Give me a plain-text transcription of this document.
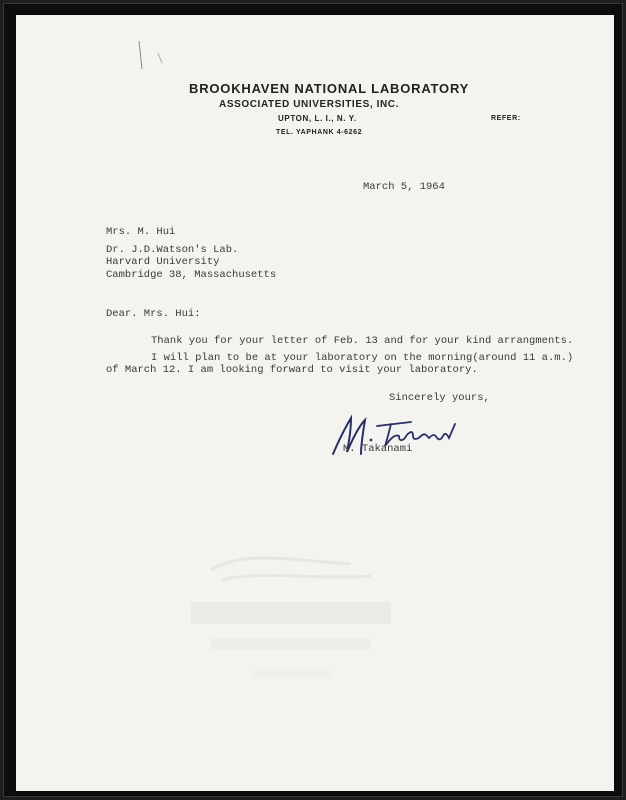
BROOKHAVEN NATIONAL LABORATORY
ASSOCIATED UNIVERSITIES, INC.
UPTON, L. I., N. Y.
TEL. YAPHANK 4-6262
REFER:
March 5, 1964
Mrs. M. Hui
Dr. J.D.Watson's Lab.
Harvard University
Cambridge 38, Massachusetts
Dear. Mrs. Hui:
Thank you for your letter of Feb. 13 and for your kind arrangments.
I will plan to be at your laboratory on the morning(around 11 a.m.)
of March 12. I am looking forward to visit your laboratory.
Sincerely yours,
M. Takanami
